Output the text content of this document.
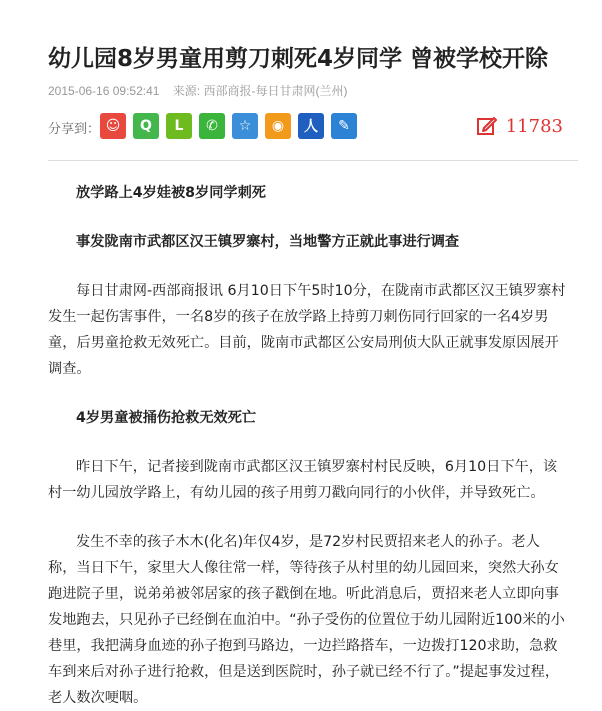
幼儿园8岁男童用剪刀刺死4岁同学 曾被学校开除
2015-06-16 09:52:41 来源: 西部商报-每日甘肃网(兰州)
分享到： ☺	Q	L	✆	☆	◉	人	✎	11783

放学路上4岁娃被8岁同学刺死

事发陇南市武都区汉王镇罗寨村，当地警方正就此事进行调查

每日甘肃网-西部商报讯 6月10日下午5时10分，在陇南市武都区汉王镇罗寨村发生一起伤害事件，一名8岁的孩子在放学路上持剪刀刺伤同行回家的一名4岁男童，后男童抢救无效死亡。目前，陇南市武都区公安局刑侦大队正就事发原因展开调查。

4岁男童被捅伤抢救无效死亡

昨日下午，记者接到陇南市武都区汉王镇罗寨村村民反映，6月10日下午，该村一幼儿园放学路上，有幼儿园的孩子用剪刀戳向同行的小伙伴，并导致死亡。

发生不幸的孩子木木(化名)年仅4岁，是72岁村民贾招来老人的孙子。老人称，当日下午，家里大人像往常一样，等待孩子从村里的幼儿园回来，突然大孙女跑进院子里，说弟弟被邻居家的孩子戳倒在地。听此消息后，贾招来老人立即向事发地跑去，只见孙子已经倒在血泊中。“孙子受伤的位置位于幼儿园附近100米的小巷里，我把满身血迹的孙子抱到马路边，一边拦路搭车，一边拨打120求助，急救车到来后对孙子进行抢救，但是送到医院时，孙子就已经不行了。”提起事发过程，老人数次哽咽。
